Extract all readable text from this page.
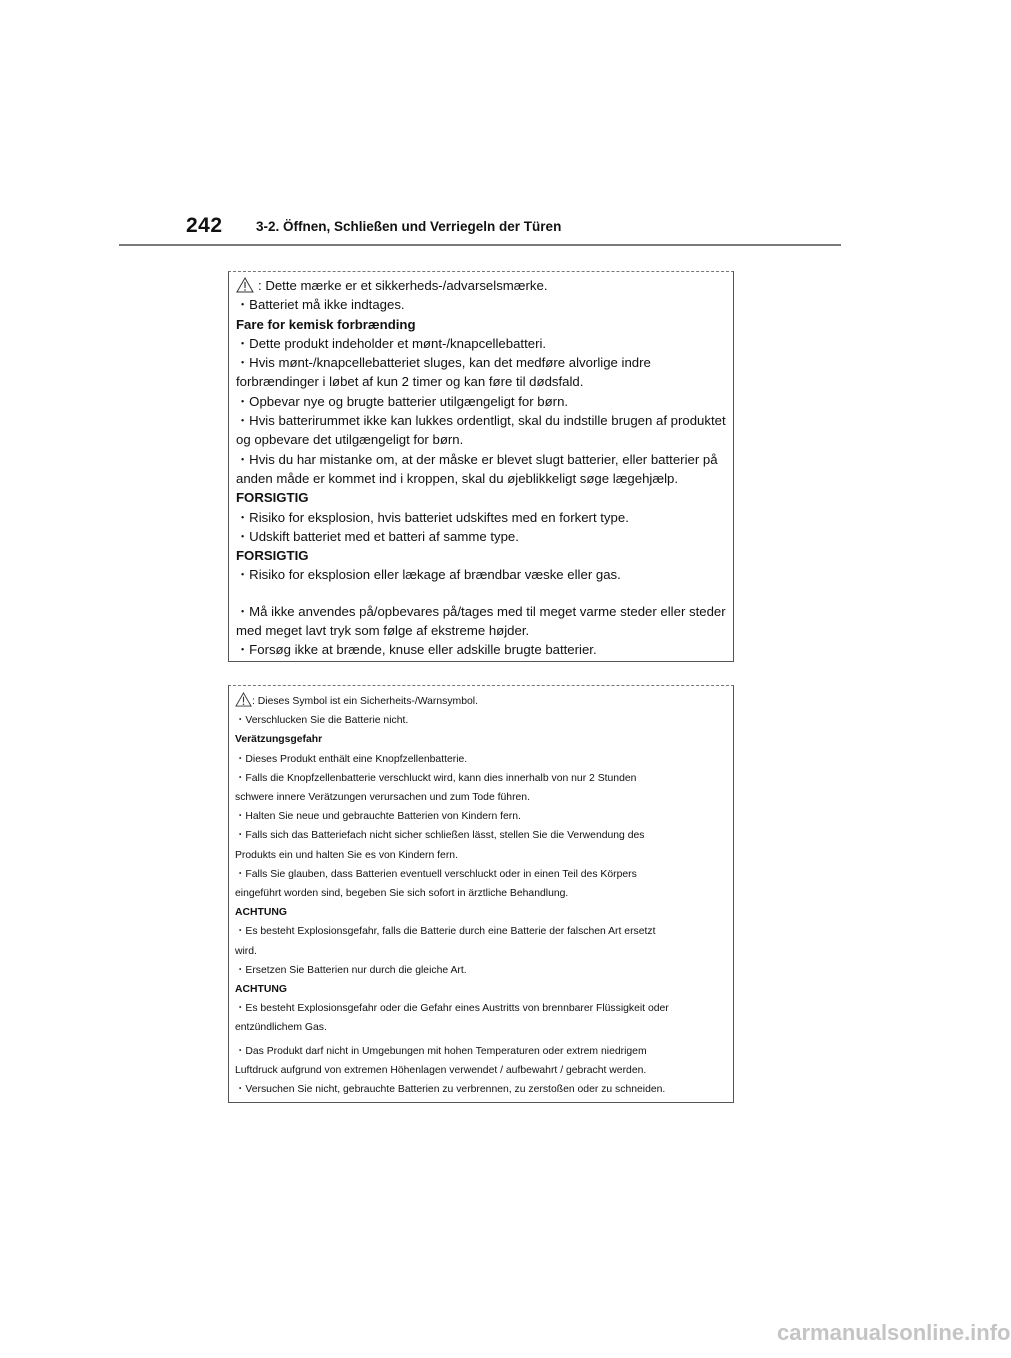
242 3-2. Öffnen, Schließen und Verriegeln der Türen
: Dette mærke er et sikkerheds-/advarselsmærke.
・Batteriet må ikke indtages.
Fare for kemisk forbrænding
・Dette produkt indeholder et mønt-/knapcellebatteri.
・Hvis mønt-/knapcellebatteriet sluges, kan det medføre alvorlige indre
forbrændinger i løbet af kun 2 timer og kan føre til dødsfald.
・Opbevar nye og brugte batterier utilgængeligt for børn.
・Hvis batterirummet ikke kan lukkes ordentligt, skal du indstille brugen af produktet
og opbevare det utilgængeligt for børn.
・Hvis du har mistanke om, at der måske er blevet slugt batterier, eller batterier på
anden måde er kommet ind i kroppen, skal du øjeblikkeligt søge lægehjælp.
FORSIGTIG
・Risiko for eksplosion, hvis batteriet udskiftes med en forkert type.
・Udskift batteriet med et batteri af samme type.
FORSIGTIG
・Risiko for eksplosion eller lækage af brændbar væske eller gas.
・Må ikke anvendes på/opbevares på/tages med til meget varme steder eller steder
med meget lavt tryk som følge af ekstreme højder.
・Forsøg ikke at brænde, knuse eller adskille brugte batterier.
: Dieses Symbol ist ein Sicherheits-/Warnsymbol.
・Verschlucken Sie die Batterie nicht.
Verätzungsgefahr
・Dieses Produkt enthält eine Knopfzellenbatterie.
・Falls die Knopfzellenbatterie verschluckt wird, kann dies innerhalb von nur 2 Stunden
schwere innere Verätzungen verursachen und zum Tode führen.
・Halten Sie neue und gebrauchte Batterien von Kindern fern.
・Falls sich das Batteriefach nicht sicher schließen lässt, stellen Sie die Verwendung des
Produkts ein und halten Sie es von Kindern fern.
・Falls Sie glauben, dass Batterien eventuell verschluckt oder in einen Teil des Körpers
eingeführt worden sind, begeben Sie sich sofort in ärztliche Behandlung.
ACHTUNG
・Es besteht Explosionsgefahr, falls die Batterie durch eine Batterie der falschen Art ersetzt
wird.
・Ersetzen Sie Batterien nur durch die gleiche Art.
ACHTUNG
・Es besteht Explosionsgefahr oder die Gefahr eines Austritts von brennbarer Flüssigkeit oder
entzündlichem Gas.
・Das Produkt darf nicht in Umgebungen mit hohen Temperaturen oder extrem niedrigem
Luftdruck aufgrund von extremen Höhenlagen verwendet / aufbewahrt / gebracht werden.
・Versuchen Sie nicht, gebrauchte Batterien zu verbrennen, zu zerstoßen oder zu schneiden.
carmanualsonline.info
